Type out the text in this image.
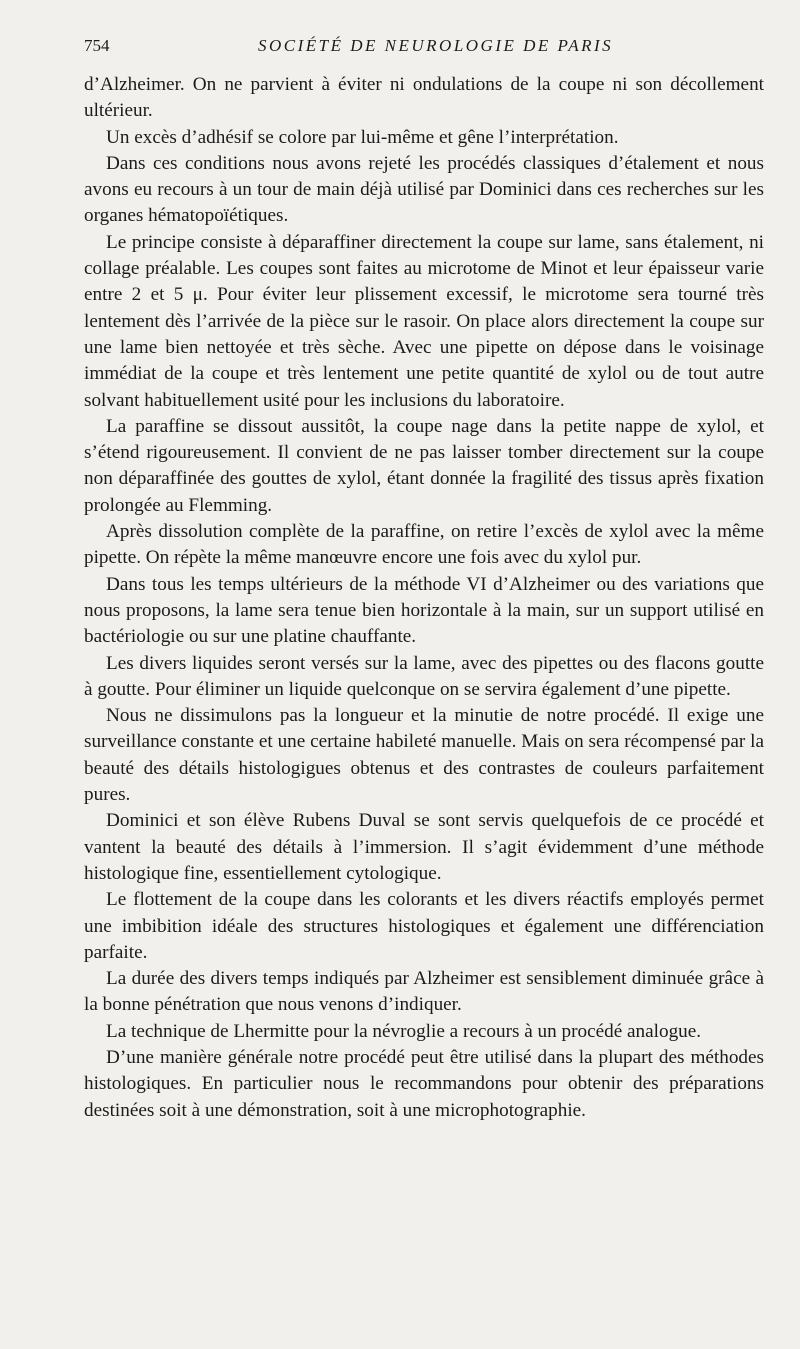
754	SOCIÉTÉ DE NEUROLOGIE DE PARIS

d’Alzheimer. On ne parvient à éviter ni ondulations de la coupe ni son décollement ultérieur.

Un excès d’adhésif se colore par lui-même et gêne l’interprétation.

Dans ces conditions nous avons rejeté les procédés classiques d’étalement et nous avons eu recours à un tour de main déjà utilisé par Dominici dans ces recherches sur les organes hématopoïétiques.

Le principe consiste à déparaffiner directement la coupe sur lame, sans étalement, ni collage préalable. Les coupes sont faites au microtome de Minot et leur épaisseur varie entre 2 et 5 μ. Pour éviter leur plissement excessif, le microtome sera tourné très lentement dès l’arrivée de la pièce sur le rasoir. On place alors directement la coupe sur une lame bien nettoyée et très sèche. Avec une pipette on dépose dans le voisinage immédiat de la coupe et très lentement une petite quantité de xylol ou de tout autre solvant habituellement usité pour les inclusions du laboratoire.

La paraffine se dissout aussitôt, la coupe nage dans la petite nappe de xylol, et s’étend rigoureusement. Il convient de ne pas laisser tomber directement sur la coupe non déparaffinée des gouttes de xylol, étant donnée la fragilité des tissus après fixation prolongée au Flemming.

Après dissolution complète de la paraffine, on retire l’excès de xylol avec la même pipette. On répète la même manœuvre encore une fois avec du xylol pur.

Dans tous les temps ultérieurs de la méthode VI d’Alzheimer ou des variations que nous proposons, la lame sera tenue bien horizontale à la main, sur un support utilisé en bactériologie ou sur une platine chauffante.

Les divers liquides seront versés sur la lame, avec des pipettes ou des flacons goutte à goutte. Pour éliminer un liquide quelconque on se servira également d’une pipette.

Nous ne dissimulons pas la longueur et la minutie de notre procédé. Il exige une surveillance constante et une certaine habileté manuelle. Mais on sera récompensé par la beauté des détails histologigues obtenus et des contrastes de couleurs parfaitement pures.

Dominici et son élève Rubens Duval se sont servis quelquefois de ce procédé et vantent la beauté des détails à l’immersion. Il s’agit évidemment d’une méthode histologique fine, essentiellement cytologique.

Le flottement de la coupe dans les colorants et les divers réactifs employés permet une imbibition idéale des structures histologiques et également une différenciation parfaite.

La durée des divers temps indiqués par Alzheimer est sensiblement diminuée grâce à la bonne pénétration que nous venons d’indiquer.

La technique de Lhermitte pour la névroglie a recours à un procédé analogue.

D’une manière générale notre procédé peut être utilisé dans la plupart des méthodes histologiques. En particulier nous le recommandons pour obtenir des préparations destinées soit à une démonstration, soit à une microphotographie.
